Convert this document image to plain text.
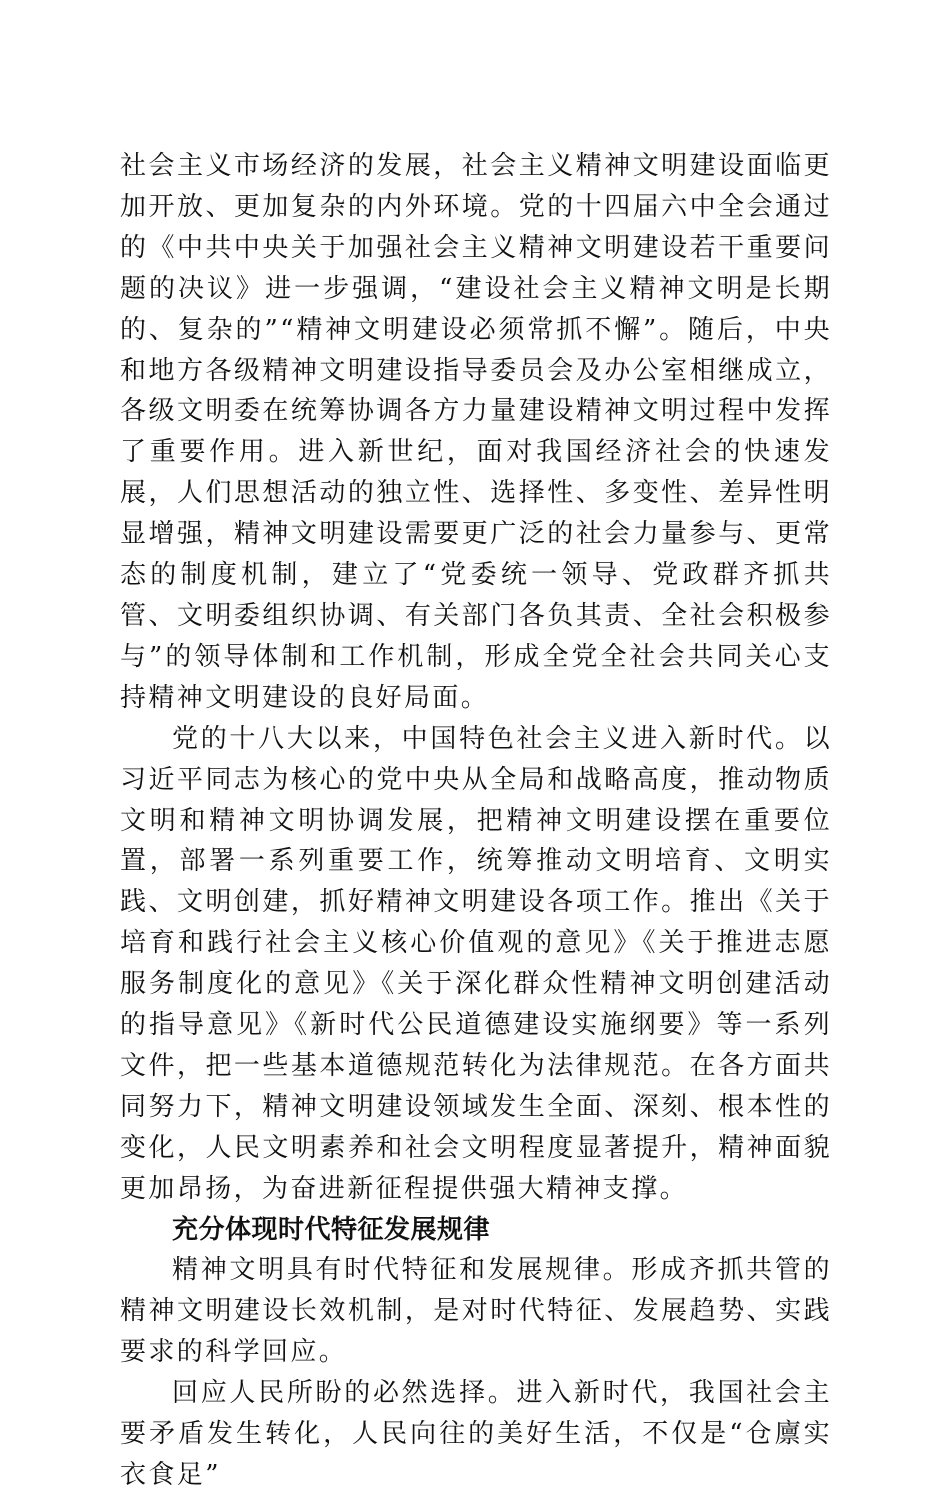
社会主义市场经济的发展，社会主义精神文明建设面临更加开放、更加复杂的内外环境。党的十四届六中全会通过的《中共中央关于加强社会主义精神文明建设若干重要问题的决议》进一步强调，“建设社会主义精神文明是长期的、复杂的”“精神文明建设必须常抓不懈”。随后，中央和地方各级精神文明建设指导委员会及办公室相继成立，各级文明委在统筹协调各方力量建设精神文明过程中发挥了重要作用。进入新世纪，面对我国经济社会的快速发展，人们思想活动的独立性、选择性、多变性、差异性明显增强，精神文明建设需要更广泛的社会力量参与、更常态的制度机制，建立了“党委统一领导、党政群齐抓共管、文明委组织协调、有关部门各负其责、全社会积极参与”的领导体制和工作机制，形成全党全社会共同关心支持精神文明建设的良好局面。

党的十八大以来，中国特色社会主义进入新时代。以习近平同志为核心的党中央从全局和战略高度，推动物质文明和精神文明协调发展，把精神文明建设摆在重要位置，部署一系列重要工作，统筹推动文明培育、文明实践、文明创建，抓好精神文明建设各项工作。推出《关于培育和践行社会主义核心价值观的意见》《关于推进志愿服务制度化的意见》《关于深化群众性精神文明创建活动的指导意见》《新时代公民道德建设实施纲要》等一系列文件，把一些基本道德规范转化为法律规范。在各方面共同努力下，精神文明建设领域发生全面、深刻、根本性的变化，人民文明素养和社会文明程度显著提升，精神面貌更加昂扬，为奋进新征程提供强大精神支撑。

充分体现时代特征发展规律

精神文明具有时代特征和发展规律。形成齐抓共管的精神文明建设长效机制，是对时代特征、发展趋势、实践要求的科学回应。

回应人民所盼的必然选择。进入新时代，我国社会主要矛盾发生转化，人民向往的美好生活，不仅是“仓廪实衣食足”
